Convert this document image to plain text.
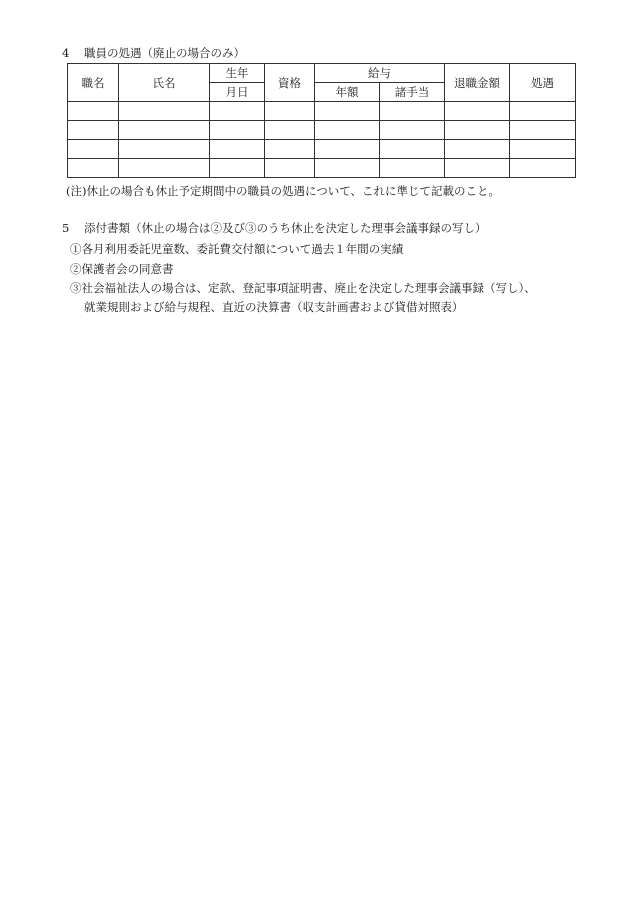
4 職員の処遇（廃止の場合のみ）
職名	氏名	生年	資格	給与		退職金額	処遇
		月日		年額	諸手当		

(注)休止の場合も休止予定期間中の職員の処遇について、これに準じて記載のこと。
5 添付書類（休止の場合は②及び③のうち休止を決定した理事会議事録の写し）
①各月利用委託児童数、委託費交付額について過去１年間の実績
②保護者会の同意書
③社会福祉法人の場合は、定款、登記事項証明書、廃止を決定した理事会議事録（写し）、
就業規則および給与規程、直近の決算書（収支計画書および貸借対照表）
